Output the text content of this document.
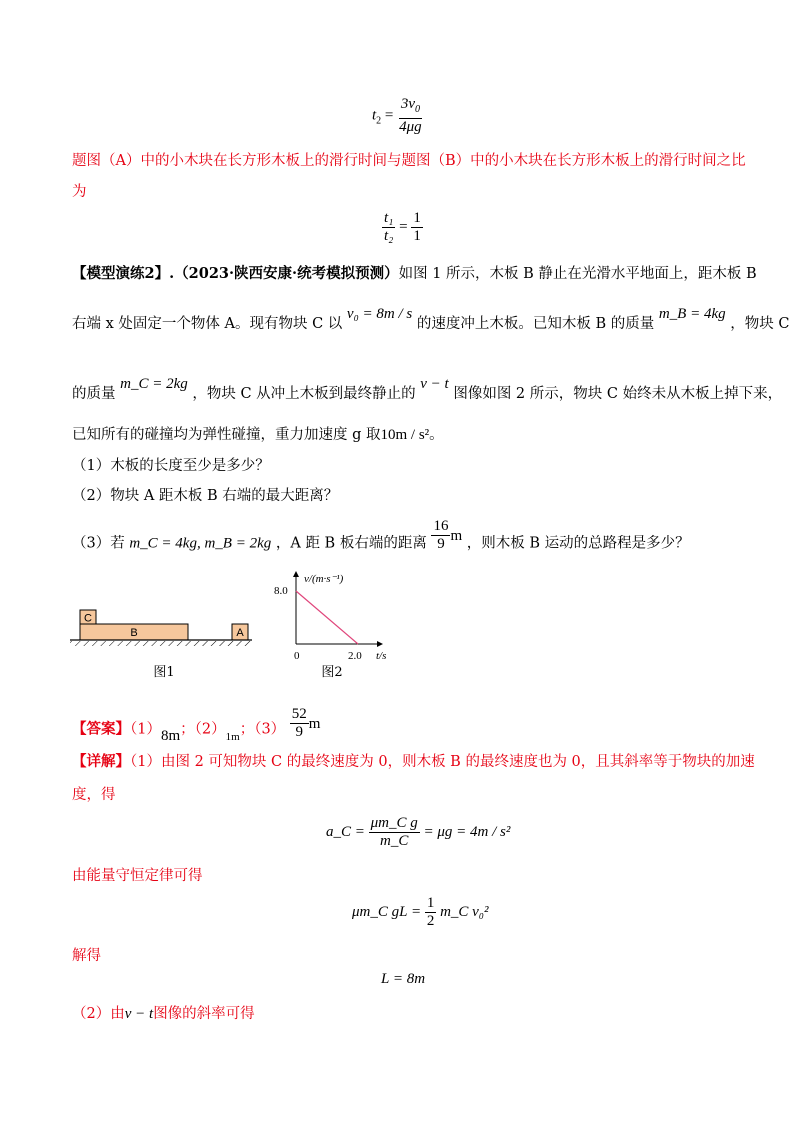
$t_2 = \frac{3v_0}{4\mu g}$
题图（A）中的小木块在长方形木板上的滑行时间与题图（B）中的小木块在长方形木板上的滑行时间之比
为
$\frac{\text{t₁}}{\text{t₂}} = \frac{1}{1}$
【模型演练2】.（2023·陕西安康·统考模拟预测）如图 1 所示，木板 B 静止在光滑水平地面上，距木板 B
右端 x 处固定一个物体 A。现有物块 C 以 v₀ = 8m / s 的速度冲上木板。已知木板 B 的质量 m_B = 4kg ，物块 C
的质量 m_C = 2kg ，物块 C 从冲上木板到最终静止的 v − t 图像如图 2 所示，物块 C 始终未从木板上掉下来，
已知所有的碰撞均为弹性碰撞，重力加速度 g 取10m / s²。
（1）木板的长度至少是多少？
（2）物块 A 距木板 B 右端的最大距离？
（3）若 m_C = 4kg, m_B = 2kg ，A 距 B 板右端的距离 $\frac{16}{9}$ m ，则木板 B 运动的总路程是多少？
C
B	A
图1
v/(m·s⁻¹)
t/s
8.0
2.0
0
图2
【答案】（1）8m；$(2)_{1m}$；$(3) \frac{52}{9}$ m
【详解】（1）由图 2 可知物块 C 的最终速度为 0，则木板 B 的最终速度也为 0，且其斜率等于物块的加速
度，得
a_C = $\frac{\text{μm\_C g}}{m\_C} = \mu g = 4m / s^2$
由能量守恒定律可得
μm_C gL = $\frac{1}{2}$ m_C v₀²
解得
L = 8m
（2）由v − t图像的斜率可得
